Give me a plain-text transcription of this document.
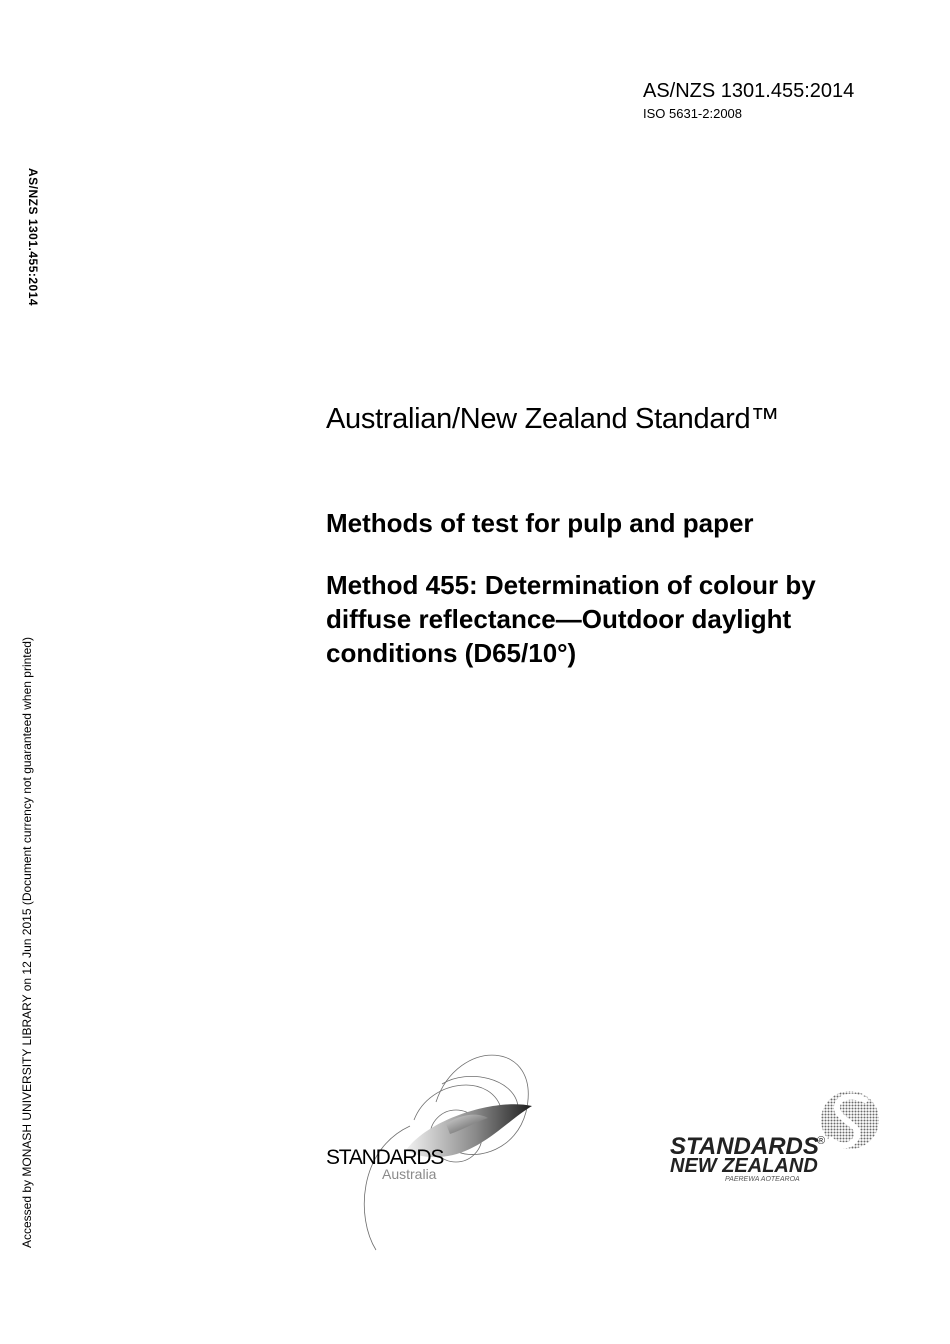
AS/NZS 1301.455:2014
ISO 5631-2:2008
AS/NZS 1301.455:2014
Accessed by MONASH UNIVERSITY LIBRARY on 12 Jun 2015 (Document currency not guaranteed when printed)
Australian/New Zealand Standard™
Methods of test for pulp and paper
Method 455: Determination of colour by
diffuse reflectance—Outdoor daylight
conditions (D65/10°)
STANDARDS
Australia
STANDARDS
®
NEW ZEALAND
PAEREWA AOTEAROA
